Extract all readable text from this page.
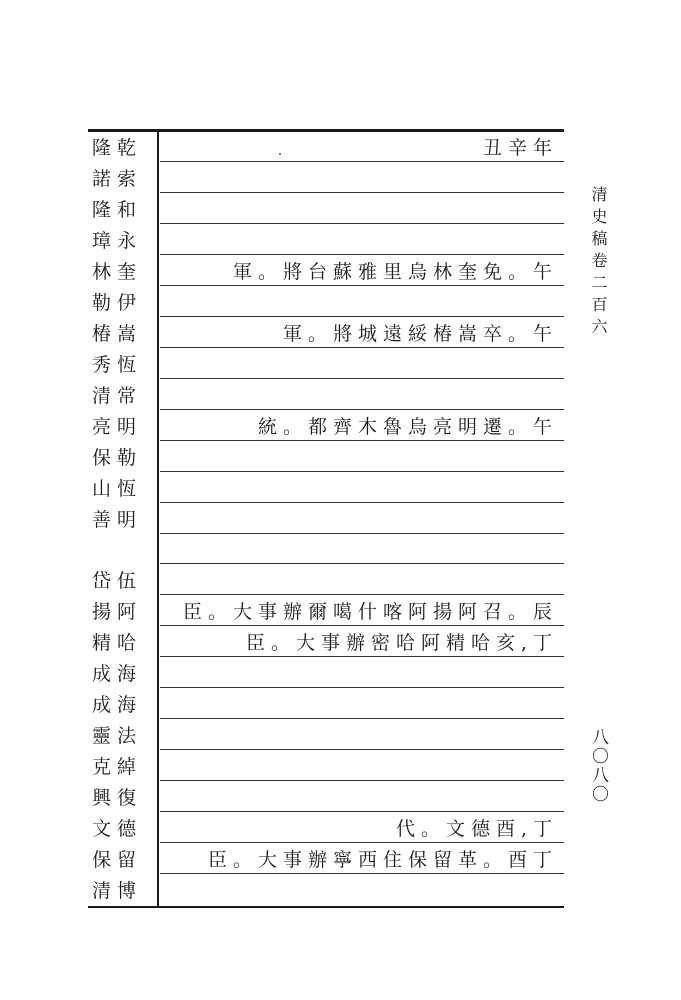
隆乾	丑辛年
諾索
隆和
璋永
林奎	軍。將台蘇雅里烏林奎免。午
勒伊
椿嵩	軍。將城遠綏椿嵩卒。午
秀恆
清常
亮明	統。都齊木魯烏亮明遷。午
保勒
山恆
善明
岱伍
揚阿	臣。大事辦爾噶什喀阿揚阿召。辰
精哈	臣。大事辦密哈阿精哈亥,丁
成海
成海
靈法
克綽
興復
文德	代。文德酉,丁
保留	臣。大事辦寧西住保留革。酉丁
清博
清史稿卷二百六
八〇八〇
